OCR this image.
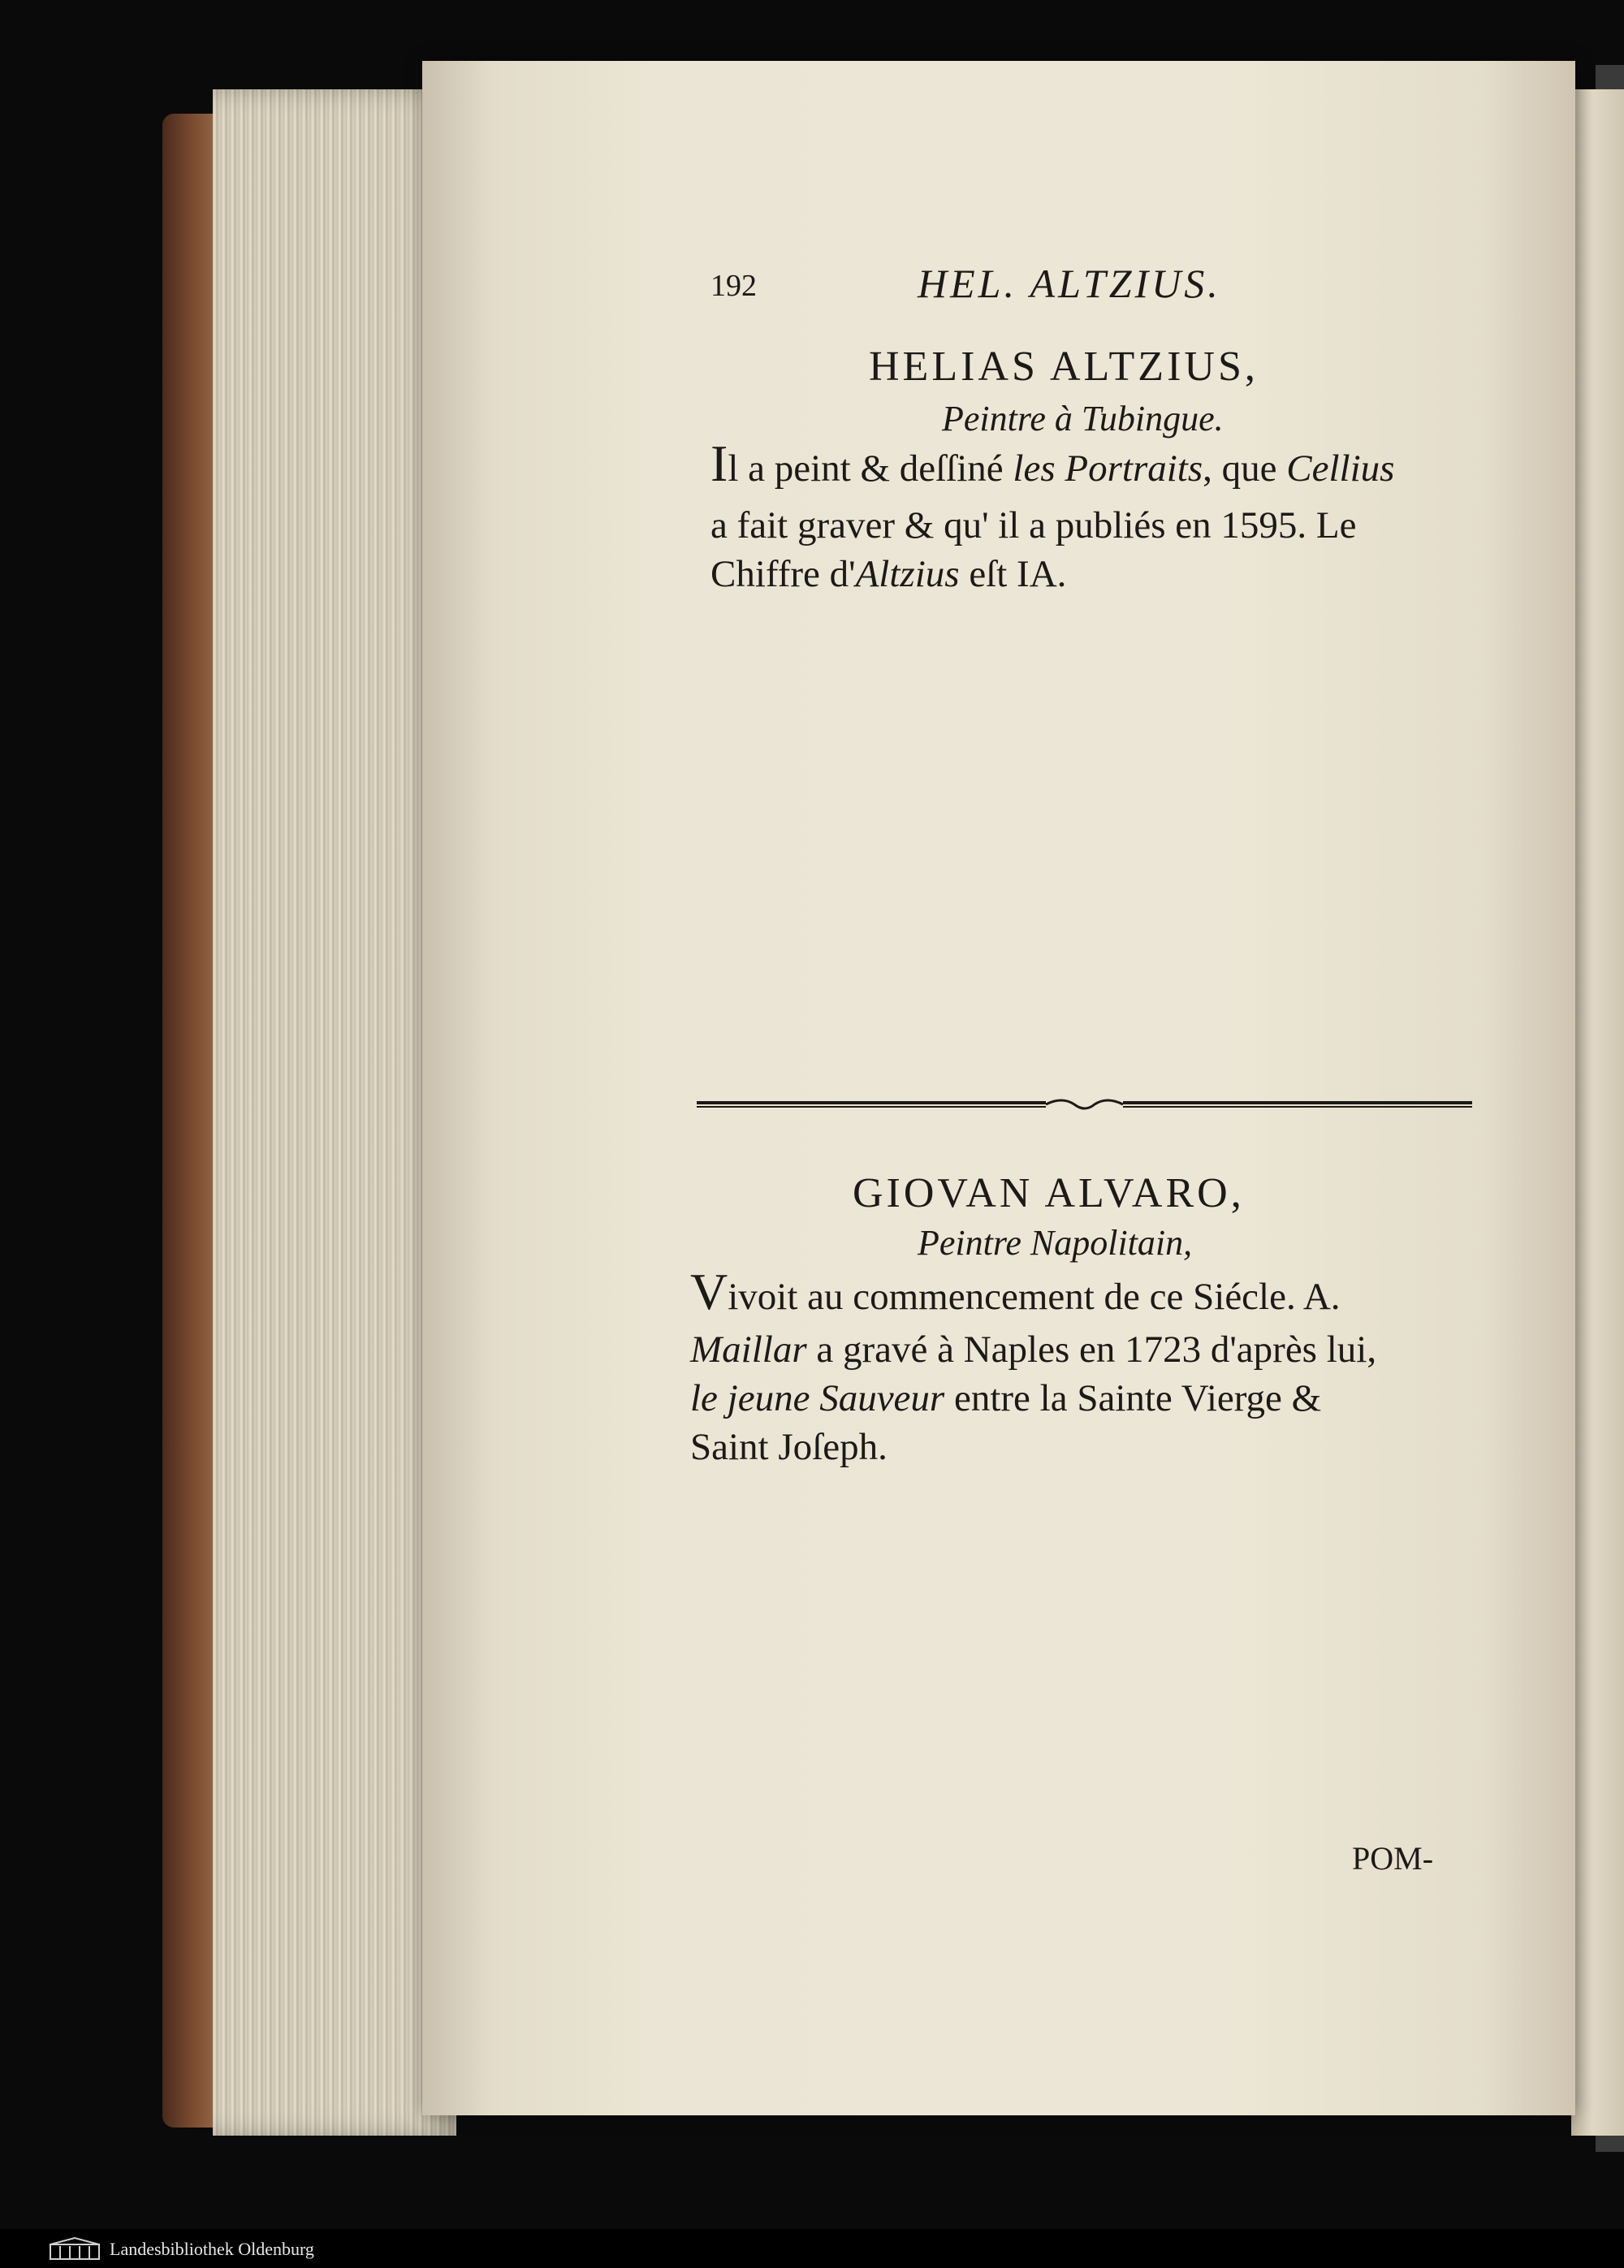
192	HEL. ALTZIUS.
HELIAS ALTZIUS,
Peintre à Tubingue.
Il a peint & deſſiné les Portraits, que Cellius
a fait graver & qu' il a publiés en 1595. Le
Chiffre d'Altzius eſt IA.
GIOVAN ALVARO,
Peintre Napolitain,
Vivoit au commencement de ce Siécle. A.
Maillar a gravé à Naples en 1723 d'après lui,
le jeune Sauveur entre la Sainte Vierge &
Saint Joſeph.
POM-
Landesbibliothek Oldenburg
